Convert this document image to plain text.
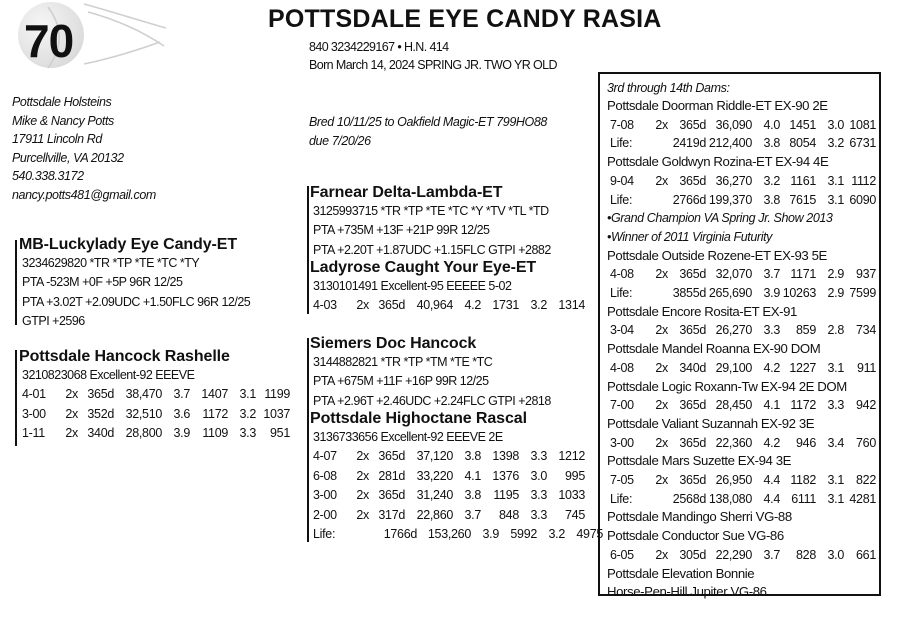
70	POTTSDALE EYE CANDY RASIA
840 3234229167 • H.N. 414
Born March 14, 2024 SPRING JR. TWO YR OLD
Pottsdale Holsteins
Mike & Nancy Potts
17911 Lincoln Rd
Purcellville, VA 20132
540.338.3172
nancy.potts481@gmail.com
Bred 10/11/25 to Oakfield Magic-ET 799HO88
due 7/20/26
MB-Luckylady Eye Candy-ET
3234629820 *TR *TP *TE *TC *TY
PTA -523M +0F +5P 96R 12/25
PTA +3.02T +2.09UDC +1.50FLC 96R 12/25
GTPI +2596
Pottsdale Hancock Rashelle
3210823068 Excellent-92 EEEVE
4-01	2x 365d 38,470 3.7 1407 3.1 1199
3-00	2x 352d 32,510 3.6 1172 3.2 1037
1-11	2x 340d 28,800 3.9 1109 3.3	951
Farnear Delta-Lambda-ET
3125993715 *TR *TP *TE *TC *Y *TV *TL *TD
PTA +735M +13F +21P 99R 12/25
PTA +2.20T +1.87UDC +1.15FLC GTPI +2882
Ladyrose Caught Your Eye-ET
3130101491 Excellent-95 EEEEE 5-02
4-03	2x 365d 40,964 4.2 1731 3.2 1314
Siemers Doc Hancock
3144882821 *TR *TP *TM *TE *TC
PTA +675M +11F +16P 99R 12/25
PTA +2.96T +2.46UDC +2.24FLC GTPI +2818
Pottsdale Highoctane Rascal
3136733656 Excellent-92 EEEVE 2E
4-07	2x 365d 37,120 3.8 1398 3.3 1212
6-08	2x 281d 33,220 4.1 1376 3.0	995
3-00	2x 365d 31,240 3.8 1195 3.3 1033
2-00	2x 317d 22,860 3.7	848 3.3	745
Life:	1766d 153,260 3.9 5992 3.2 4975
3rd through 14th Dams:
Pottsdale Doorman Riddle-ET EX-90 2E
7-08	2x 365d 36,090 4.0 1451 3.0 1081
Life:	2419d 212,400 3.8 8054 3.2 6731
Pottsdale Goldwyn Rozina-ET EX-94 4E
9-04	2x 365d 36,270 3.2 1161 3.1 1112
Life:	2766d 199,370 3.8 7615 3.1 6090
•Grand Champion VA Spring Jr. Show 2013
•Winner of 2011 Virginia Futurity
Pottsdale Outside Rozene-ET EX-93 5E
4-08	2x 365d 32,070 3.7 1171 2.9 937
Life:	3855d 265,690 3.9 10263 2.9 7599
Pottsdale Encore Rosita-ET EX-91
3-04	2x 365d 26,270 3.3	859 2.8 734
Pottsdale Mandel Roanna EX-90 DOM
4-08	2x 340d 29,100 4.2 1227 3.1	911
Pottsdale Logic Roxann-Tw EX-94 2E DOM
7-00	2x 365d 28,450 4.1 1172 3.3 942
Pottsdale Valiant Suzannah EX-92 3E
3-00	2x 365d 22,360 4.2	946 3.4 760
Pottsdale Mars Suzette EX-94 3E
7-05	2x 365d 26,950 4.4 1182 3.1 822
Life:	2568d 138,080 4.4 6111 3.1 4281
Pottsdale Mandingo Sherri VG-88
Pottsdale Conductor Sue VG-86
6-05	2x 305d 22,290 3.7	828 3.0 661
Pottsdale Elevation Bonnie
Horse-Pen-Hill Jupiter VG-86
